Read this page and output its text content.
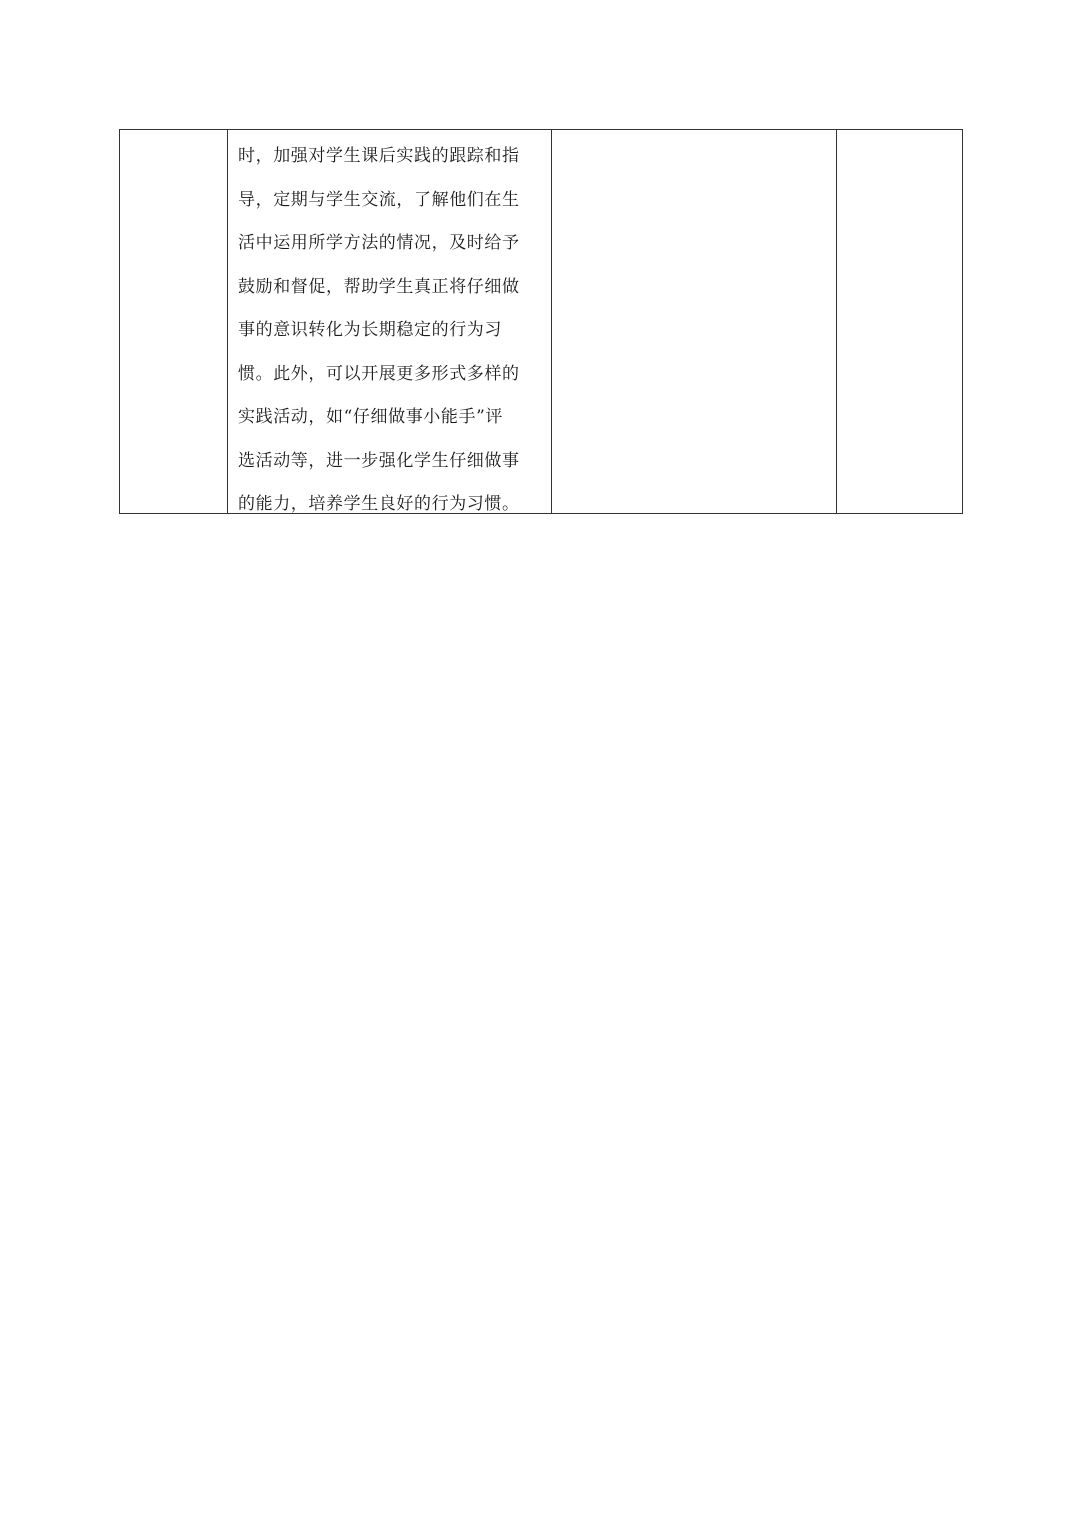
时，加强对学生课后实践的跟踪和指
导，定期与学生交流，了解他们在生
活中运用所学方法的情况，及时给予
鼓励和督促，帮助学生真正将仔细做
事的意识转化为长期稳定的行为习
惯。此外，可以开展更多形式多样的
实践活动，如“仔细做事小能手”评
选活动等，进一步强化学生仔细做事
的能力，培养学生良好的行为习惯。
